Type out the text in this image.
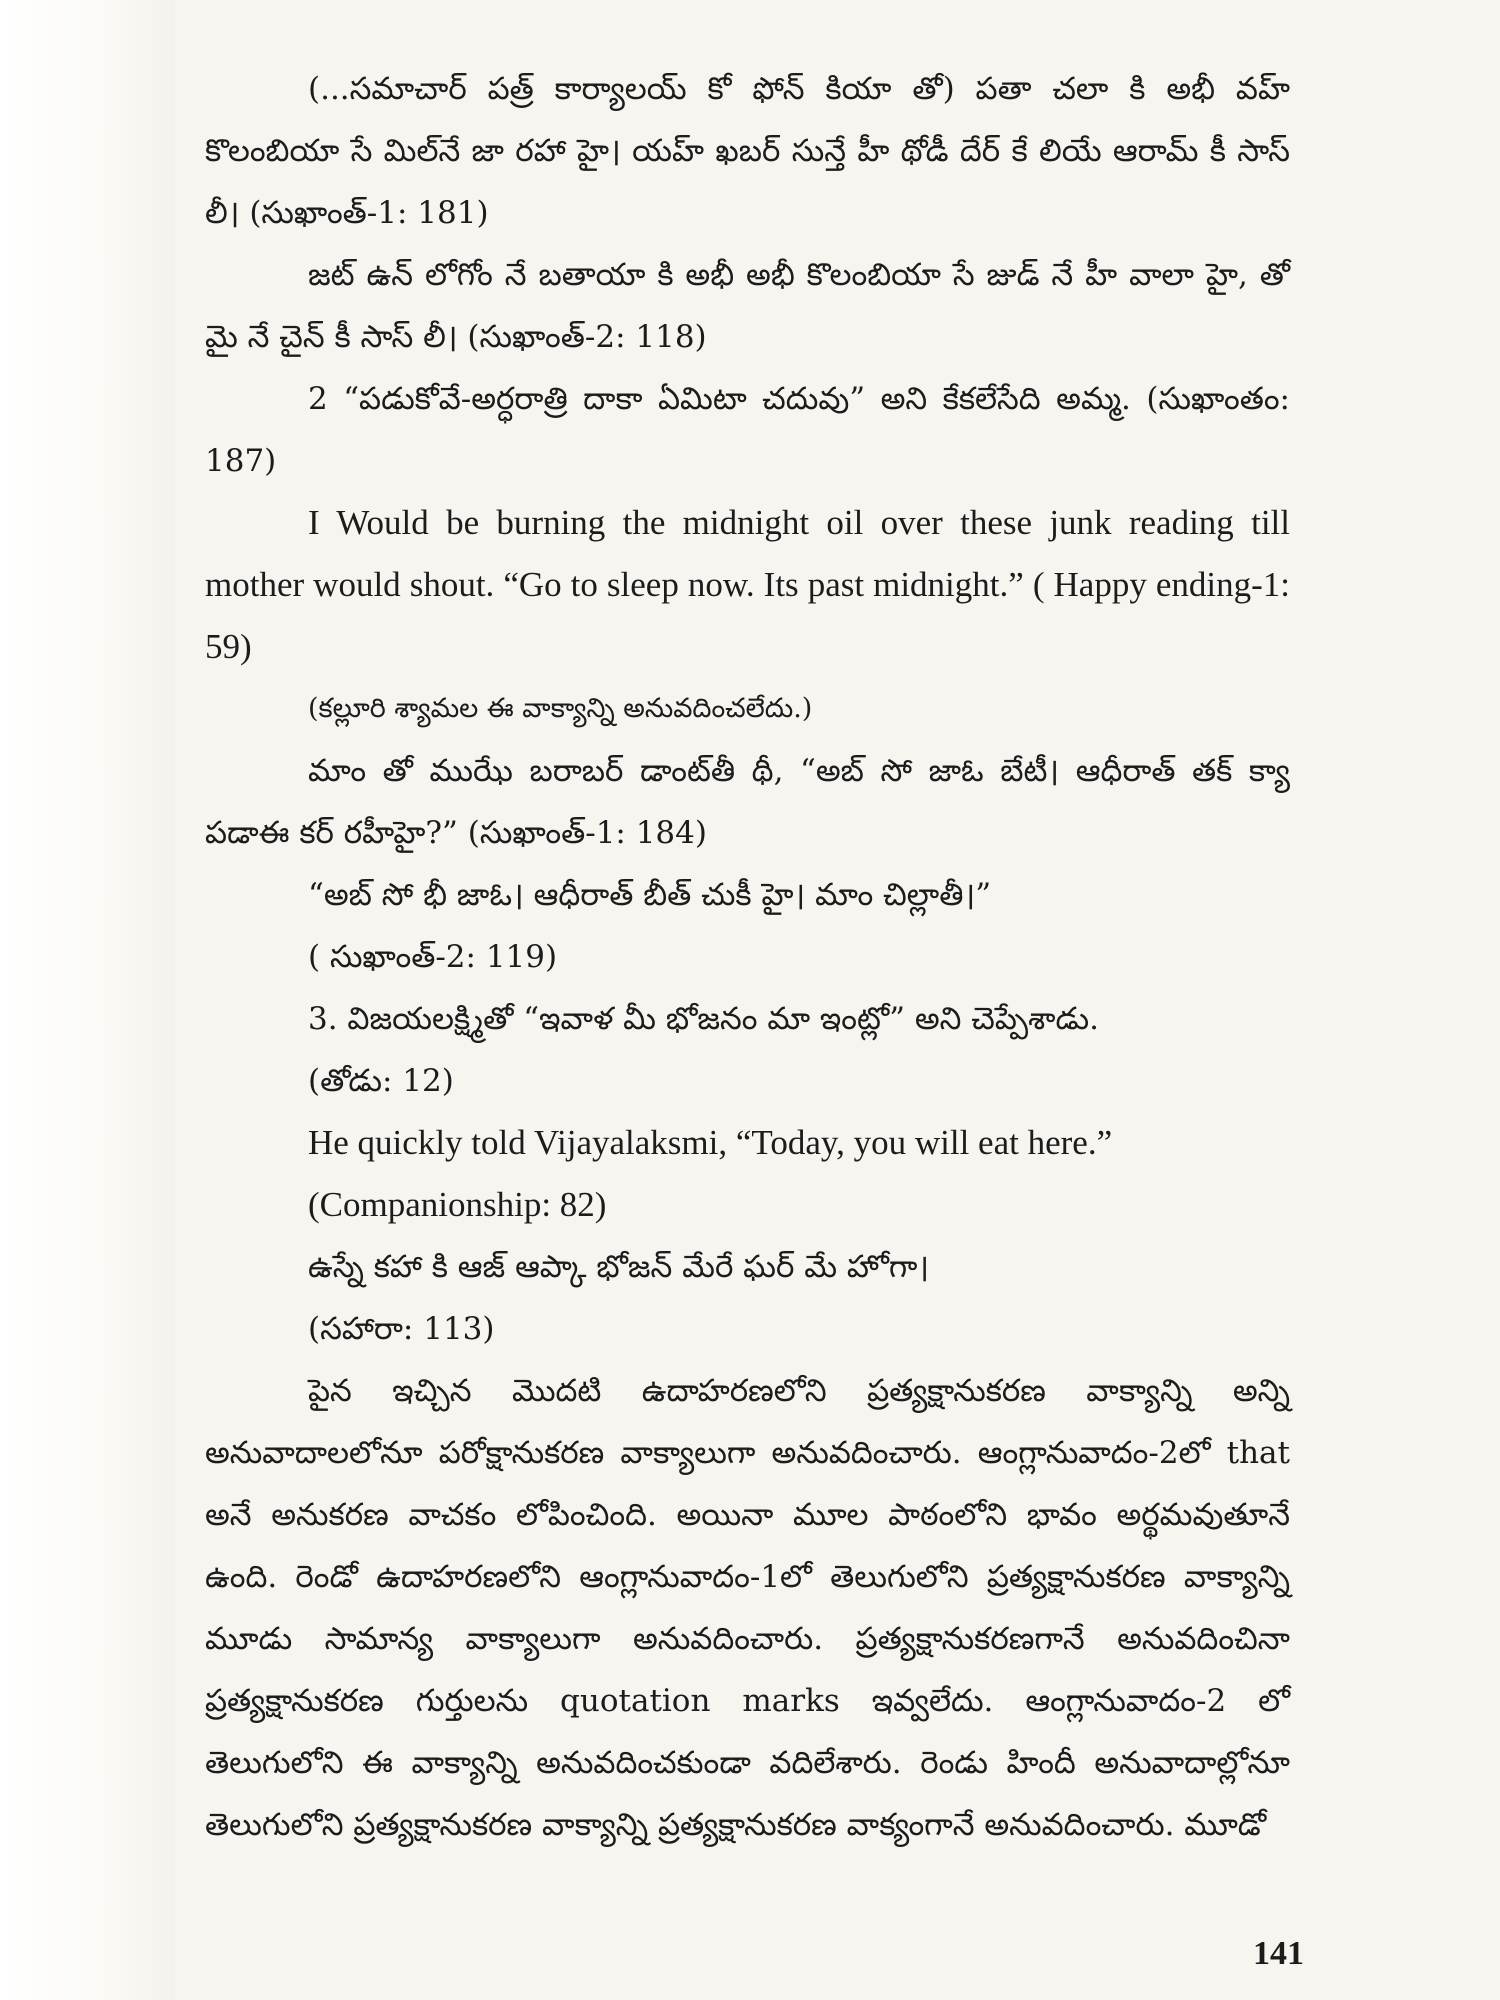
(...సమాచార్ పత్ర్ కార్యాలయ్ కో ఫోన్ కియా తో) పతా చలా కి అభీ వహ్ కొలంబియా సే మిల్‌నే జా రహా హై। యహ్ ఖబర్ సున్తే హీ థోడీ దేర్ కే లియే ఆరామ్ కీ సాస్ లీ। (సుఖాంత్-1: 181)

జట్ ఉన్ లోగోం నే బతాయా కి అభీ అభీ కొలంబియా సే జుడ్ నే హీ వాలా హై, తో మై నే చైన్ కీ సాస్ లీ। (సుఖాంత్-2: 118)

2 “పడుకోవే-అర్ధరాత్రి దాకా ఏమిటా చదువు” అని కేకలేసేది అమ్మ. (సుఖాంతం: 187)

I Would be burning the midnight oil over these junk reading till mother would shout. “Go to sleep now. Its past midnight.” ( Happy ending-1: 59)

(కల్లూరి శ్యామల ఈ వాక్యాన్ని అనువదించలేదు.)

మాం తో ముఝే బరాబర్ డాంట్‌తీ థీ, “అబ్ సో జాఓ బేటీ। ఆధీరాత్ తక్ క్యా పడాఈ కర్ రహీహై?” (సుఖాంత్-1: 184)

“అబ్ సో భీ జాఓ। ఆధీరాత్ బీత్ చుకీ హై। మాం చిల్లాతీ।”

( సుఖాంత్-2: 119)

3. విజయలక్ష్మితో “ఇవాళ మీ భోజనం మా ఇంట్లో” అని చెప్పేశాడు.

(తోడు: 12)

He quickly told Vijayalaksmi, “Today, you will eat here.”

(Companionship: 82)

ఉస్నే కహా కి ఆజ్ ఆప్కా భోజన్ మేరే ఘర్ మే హోగా।

(సహారా: 113)

పైన ఇచ్చిన మొదటి ఉదాహరణలోని ప్రత్యక్షానుకరణ వాక్యాన్ని అన్ని అనువాదాలలోనూ పరోక్షానుకరణ వాక్యాలుగా అనువదించారు. ఆంగ్లానువాదం-2లో that అనే అనుకరణ వాచకం లోపించింది. అయినా మూల పాఠంలోని భావం అర్థమవుతూనే ఉంది. రెండో ఉదాహరణలోని ఆంగ్లానువాదం-1లో తెలుగులోని ప్రత్యక్షానుకరణ వాక్యాన్ని మూడు సామాన్య వాక్యాలుగా అనువదించారు. ప్రత్యక్షానుకరణగానే అనువదించినా ప్రత్యక్షానుకరణ గుర్తులను quotation marks ఇవ్వలేదు. ఆంగ్లానువాదం-2 లో తెలుగులోని ఈ వాక్యాన్ని అనువదించకుండా వదిలేశారు. రెండు హిందీ అనువాదాల్లోనూ తెలుగులోని ప్రత్యక్షానుకరణ వాక్యాన్ని ప్రత్యక్షానుకరణ వాక్యంగానే అనువదించారు. మూడో

141
